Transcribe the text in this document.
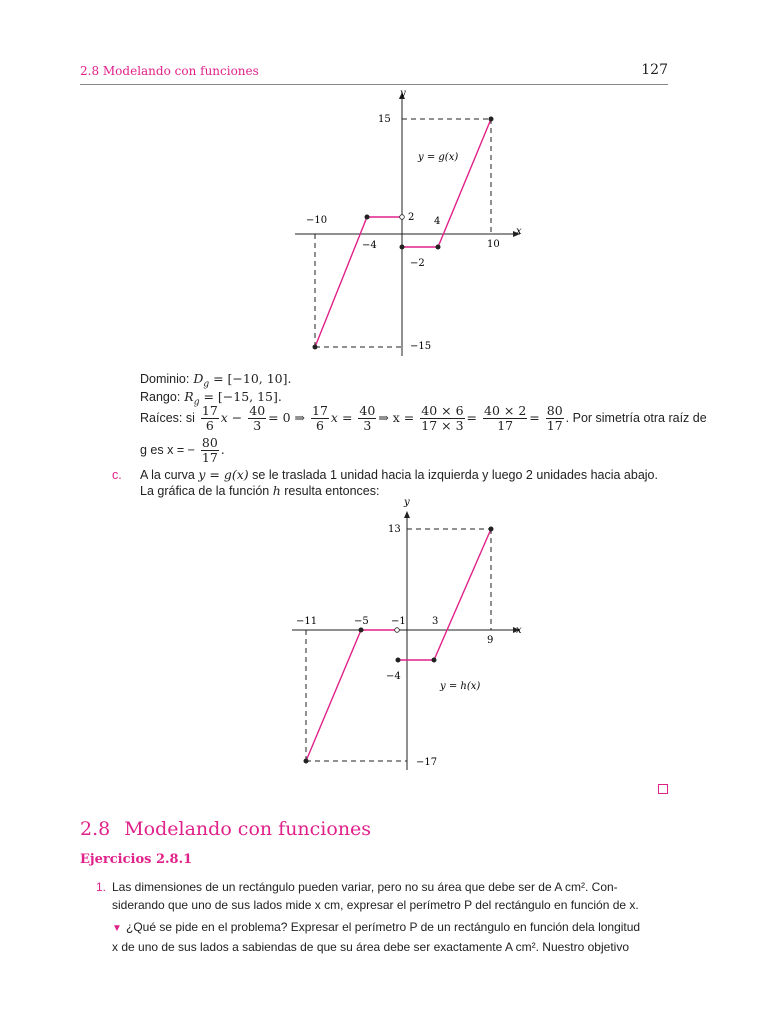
2.8 Modelando con funciones	127
x
y
15
−10	2 4
−4	10
−2
−15
y = g(x)
Dominio: $D_g = [-10$, 10].
Rango: $R_g = [-15$, 15].
Raíces: si $\frac{17}{6}$ $x - \frac{40}{3} = 0$ ⇒ $\frac{17}{6}$ $x = \frac{40}{3}$ ⇒ $x = \frac{40 \times 6}{17 \times 3} = \frac{40 \times 2}{17} = \frac{80}{17}$ . Por simetría otra raíz de
g es x = − $\frac{80}{17}$ .
c. A la curva y = g(x) se le traslada 1 unidad hacia la izquierda y luego 2 unidades hacia abajo.
La gráfica de la función h resulta entonces:
x
y
13
−11	−5 −1	3
9
−4
−17
y = h(x)
2.8 Modelando con funciones
Ejercicios 2.8.1
1. Las dimensiones de un rectángulo pueden variar, pero no su área que debe ser de A cm². Con-
siderando que uno de sus lados mide x cm, expresar el perímetro P del rectángulo en función de x.
▼ ¿Qué se pide en el problema? Expresar el perímetro P de un rectángulo en función dela longitud
x de uno de sus lados a sabiendas de que su área debe ser exactamente A cm². Nuestro objetivo
